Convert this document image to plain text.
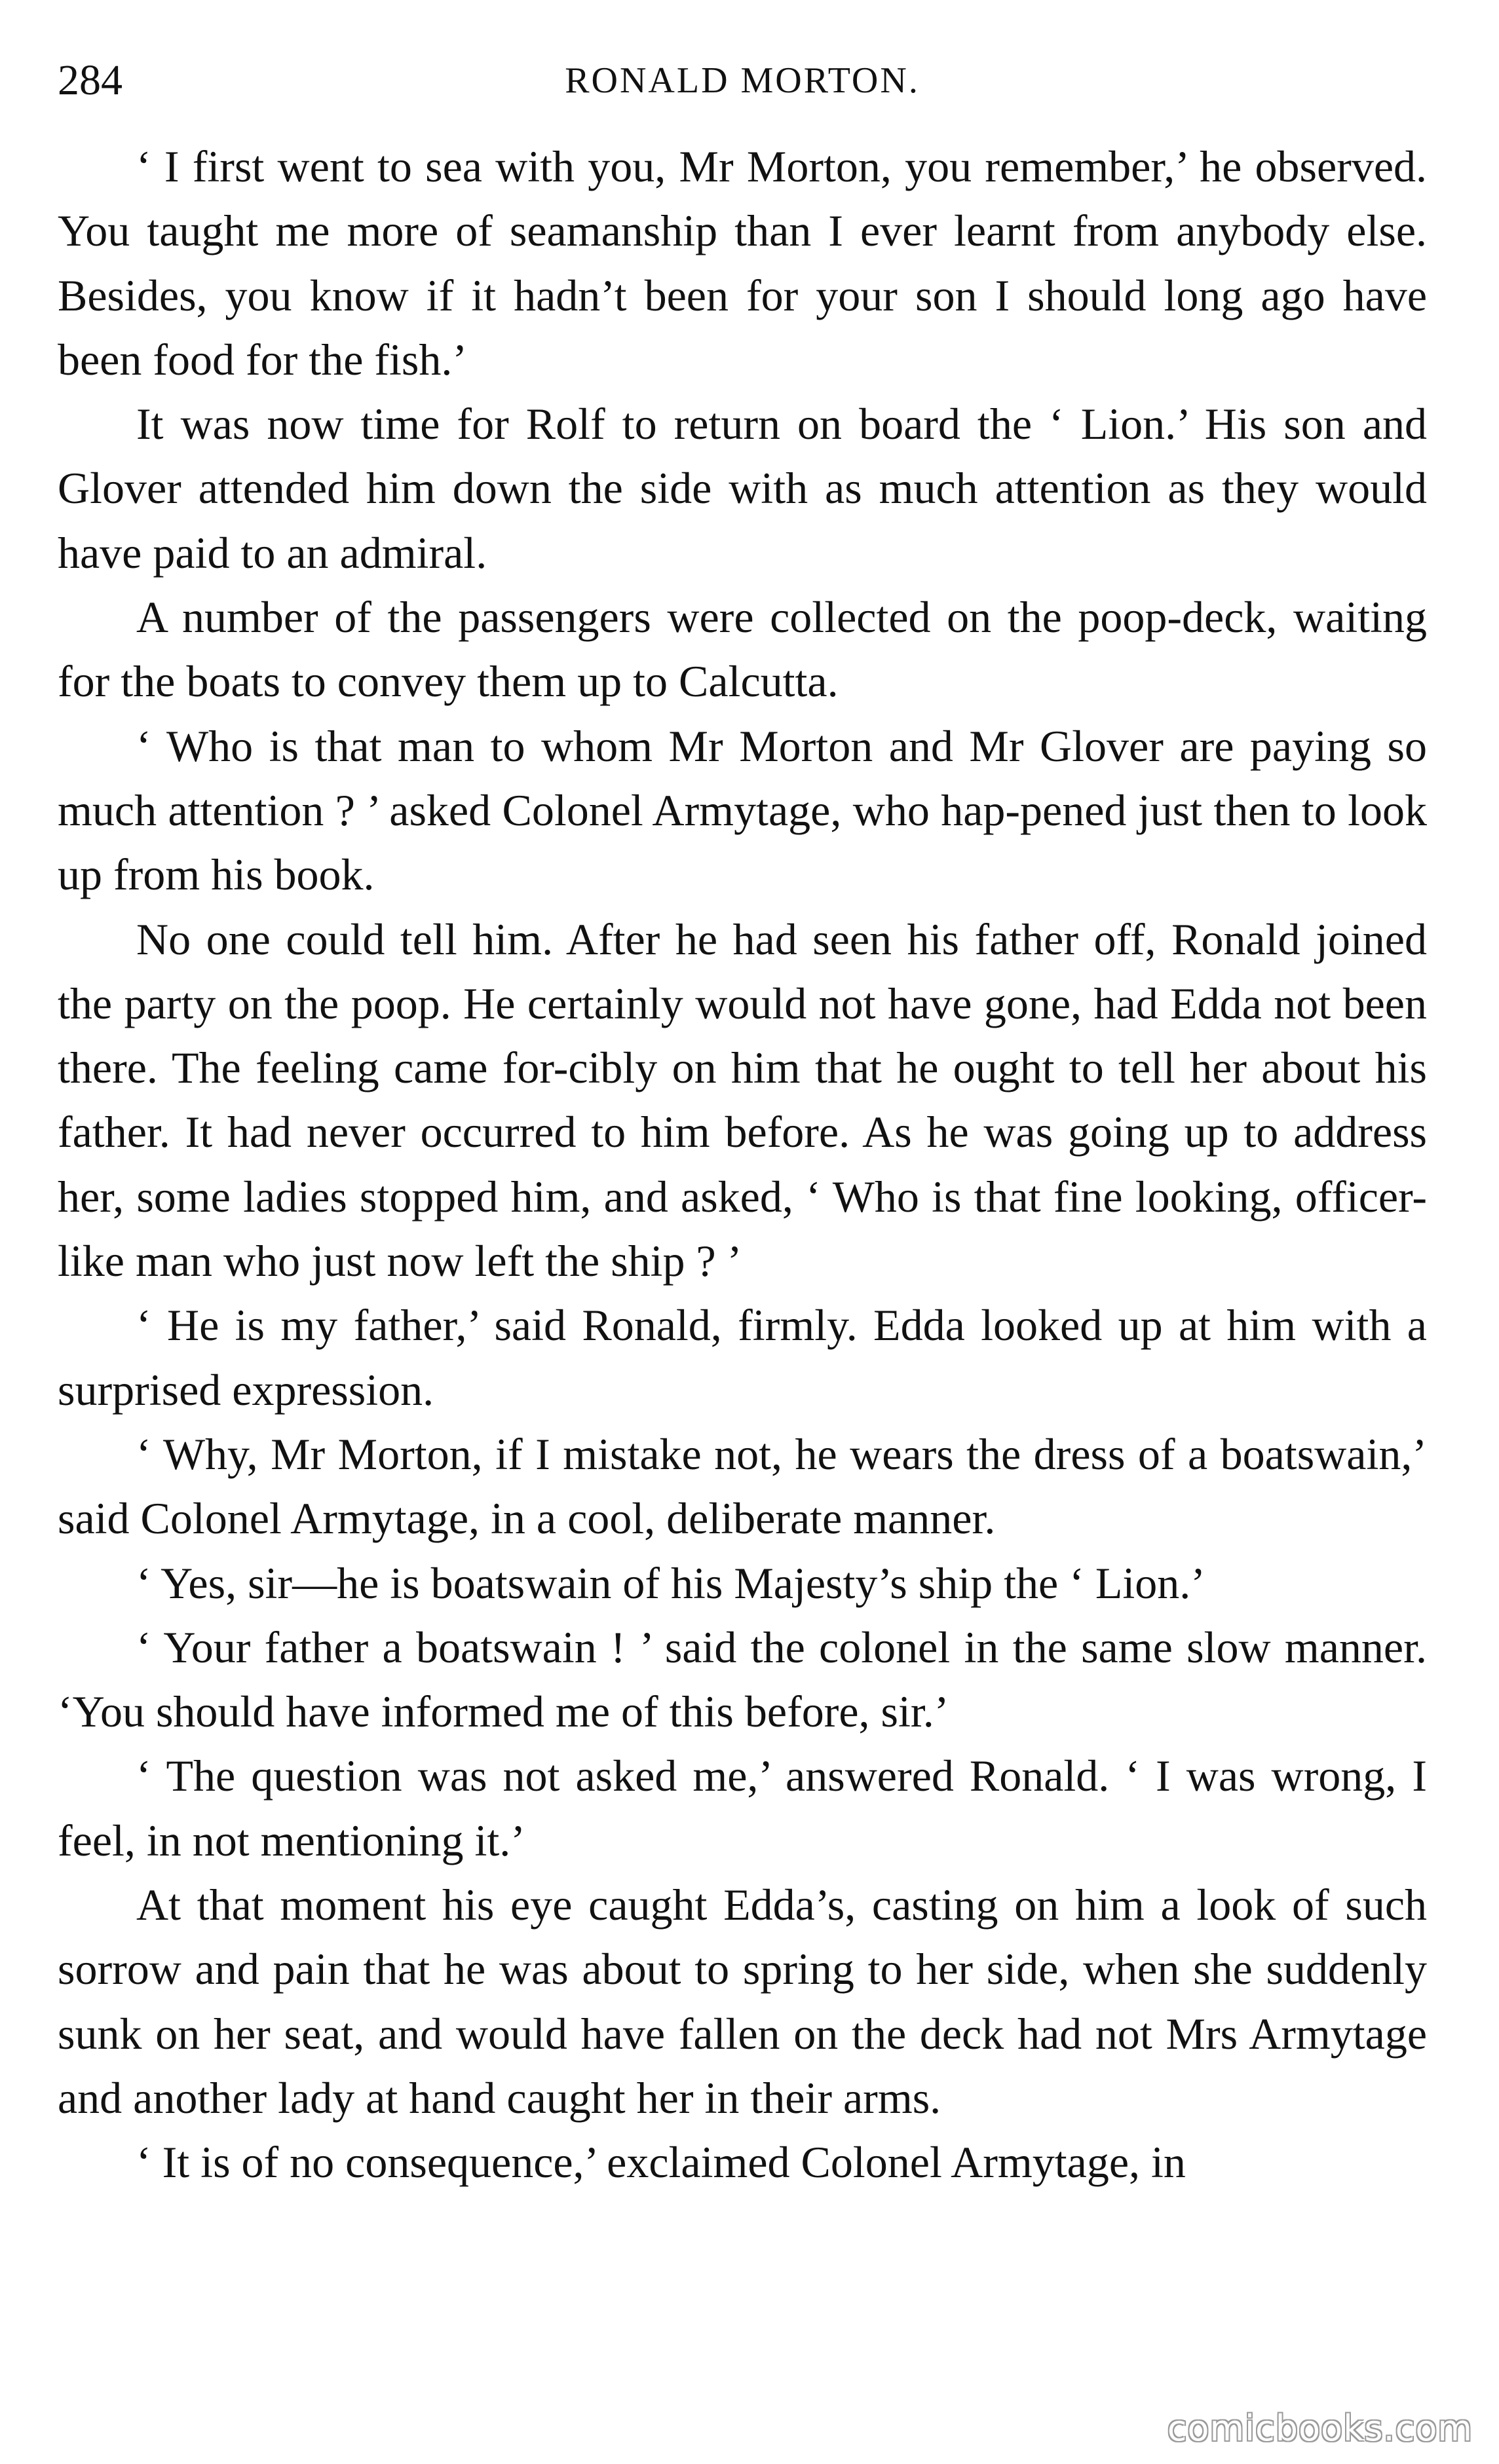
284	RONALD MORTON.

‘ I first went to sea with you, Mr Morton, you remember,’ he observed. You taught me more of seamanship than I ever learnt from anybody else. Besides, you know if it hadn’t been for your son I should long ago have been food for the fish.’

It was now time for Rolf to return on board the ‘ Lion.’ His son and Glover attended him down the side with as much attention as they would have paid to an admiral.

A number of the passengers were collected on the poop-deck, waiting for the boats to convey them up to Calcutta.

‘ Who is that man to whom Mr Morton and Mr Glover are paying so much attention ? ’ asked Colonel Armytage, who hap-pened just then to look up from his book.

No one could tell him. After he had seen his father off, Ronald joined the party on the poop. He certainly would not have gone, had Edda not been there. The feeling came for-cibly on him that he ought to tell her about his father. It had never occurred to him before. As he was going up to address her, some ladies stopped him, and asked, ‘ Who is that fine looking, officer-like man who just now left the ship ? ’

‘ He is my father,’ said Ronald, firmly. Edda looked up at him with a surprised expression.

‘ Why, Mr Morton, if I mistake not, he wears the dress of a boatswain,’ said Colonel Armytage, in a cool, deliberate manner.

‘ Yes, sir—he is boatswain of his Majesty’s ship the ‘ Lion.’

‘ Your father a boatswain ! ’ said the colonel in the same slow manner. ‘You should have informed me of this before, sir.’

‘ The question was not asked me,’ answered Ronald. ‘ I was wrong, I feel, in not mentioning it.’

At that moment his eye caught Edda’s, casting on him a look of such sorrow and pain that he was about to spring to her side, when she suddenly sunk on her seat, and would have fallen on the deck had not Mrs Armytage and another lady at hand caught her in their arms.

‘ It is of no consequence,’ exclaimed Colonel Armytage, in

comicbooks.com
